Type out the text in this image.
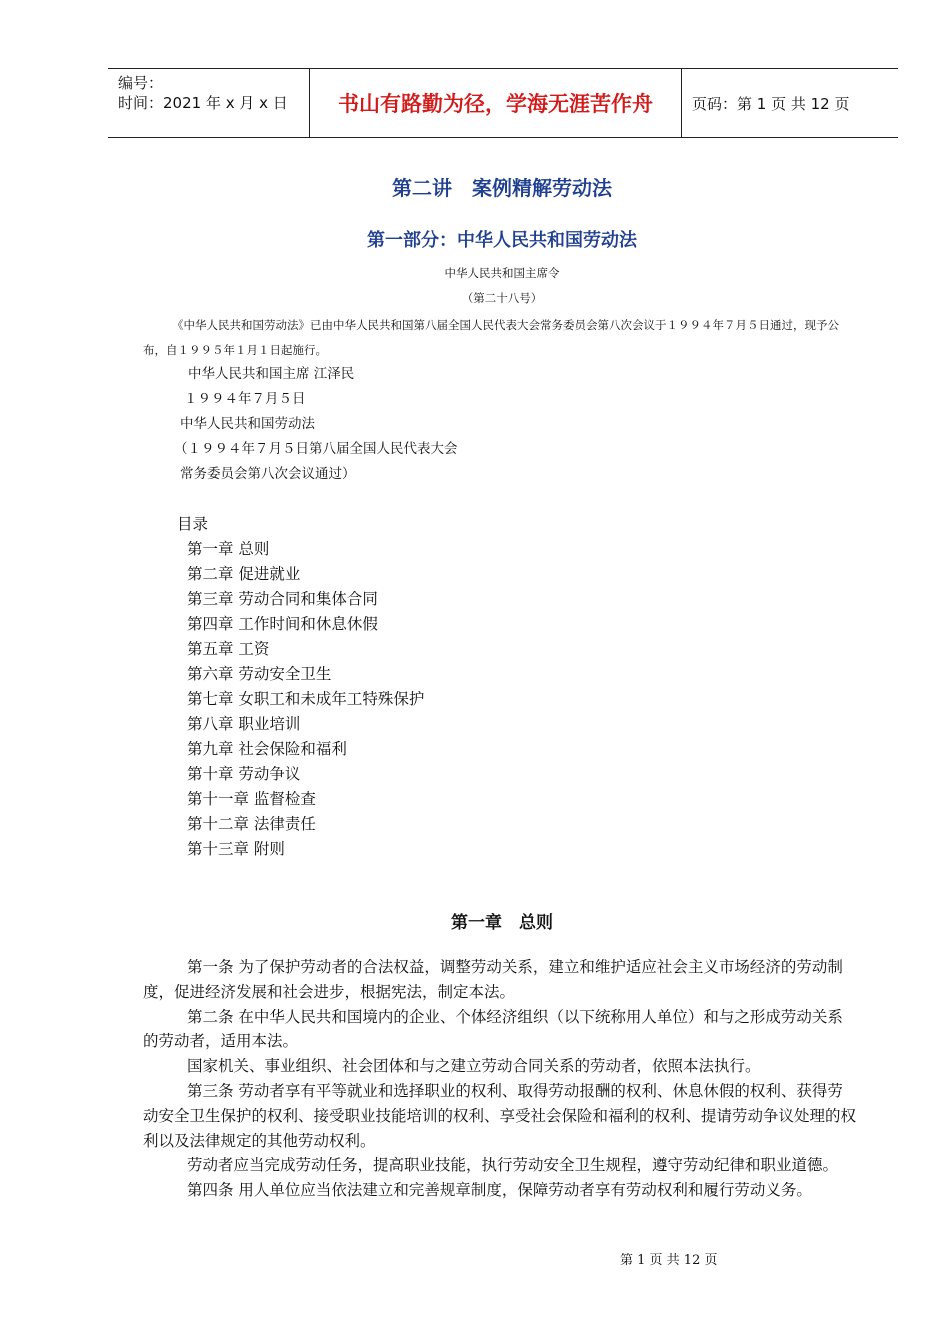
编号：
时间：2021 年 x 月 x 日	书山有路勤为径，学海无涯苦作舟	页码：第 1 页 共 12 页
第二讲　案例精解劳动法
第一部分：中华人民共和国劳动法
中华人民共和国主席令
（第二十八号）
《中华人民共和国劳动法》已由中华人民共和国第八届全国人民代表大会常务委员会第八次会议于１９９４年７月５日通过，现予公
布，自１９９５年１月１日起施行。
中华人民共和国主席 江泽民
１９９４年７月５日
中华人民共和国劳动法
（１９９４年７月５日第八届全国人民代表大会
常务委员会第八次会议通过）
目录
第一章 总则
第二章 促进就业
第三章 劳动合同和集体合同
第四章 工作时间和休息休假
第五章 工资
第六章 劳动安全卫生
第七章 女职工和未成年工特殊保护
第八章 职业培训
第九章 社会保险和福利
第十章 劳动争议
第十一章 监督检查
第十二章 法律责任
第十三章 附则
第一章　总则

第一条 为了保护劳动者的合法权益，调整劳动关系，建立和维护适应社会主义市场经济的劳动制度，促进经济发展和社会进步，根据宪法，制定本法。

第二条 在中华人民共和国境内的企业、个体经济组织（以下统称用人单位）和与之形成劳动关系的劳动者，适用本法。

国家机关、事业组织、社会团体和与之建立劳动合同关系的劳动者，依照本法执行。

第三条 劳动者享有平等就业和选择职业的权利、取得劳动报酬的权利、休息休假的权利、获得劳动安全卫生保护的权利、接受职业技能培训的权利、享受社会保险和福利的权利、提请劳动争议处理的权利以及法律规定的其他劳动权利。

劳动者应当完成劳动任务，提高职业技能，执行劳动安全卫生规程，遵守劳动纪律和职业道德。

第四条 用人单位应当依法建立和完善规章制度，保障劳动者享有劳动权利和履行劳动义务。

第 1 页 共 12 页
